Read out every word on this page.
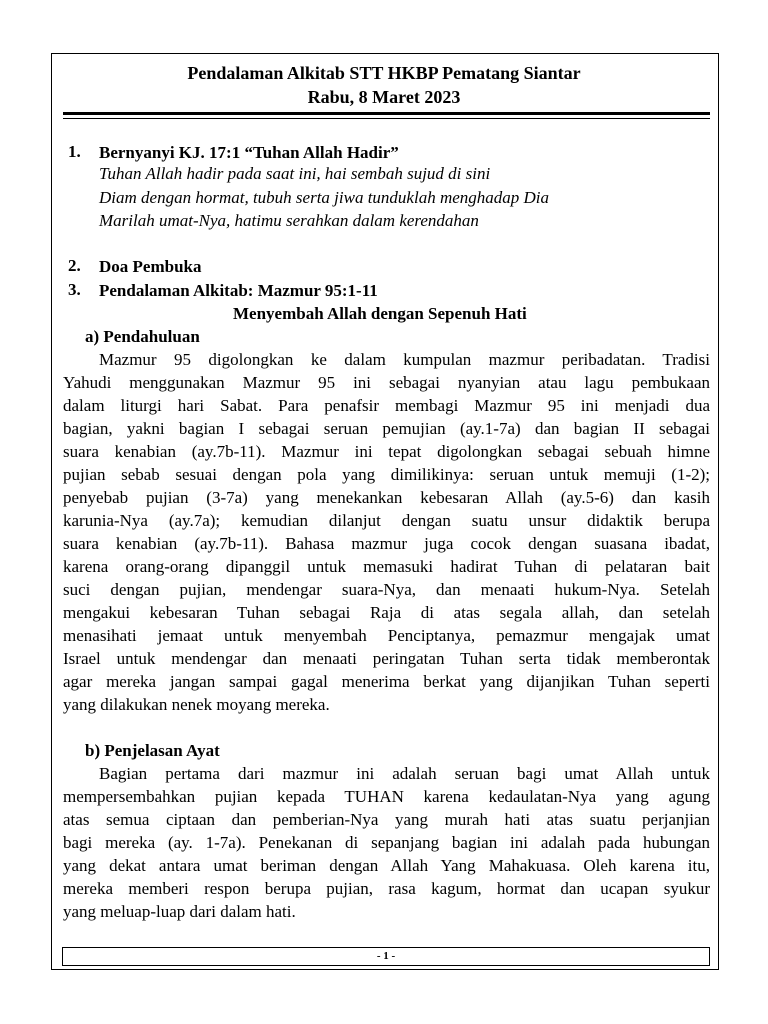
Pendalaman Alkitab STT HKBP Pematang Siantar
Rabu, 8 Maret 2023
1. Bernyanyi KJ. 17:1 “Tuhan Allah Hadir”
Tuhan Allah hadir pada saat ini, hai sembah sujud di sini
Diam dengan hormat, tubuh serta jiwa tunduklah menghadap Dia
Marilah umat-Nya, hatimu serahkan dalam kerendahan
2. Doa Pembuka
3. Pendalaman Alkitab: Mazmur 95:1-11
Menyembah Allah dengan Sepenuh Hati
a) Pendahuluan
Mazmur 95 digolongkan ke dalam kumpulan mazmur peribadatan. Tradisi
Yahudi menggunakan Mazmur 95 ini sebagai nyanyian atau lagu pembukaan
dalam liturgi hari Sabat. Para penafsir membagi Mazmur 95 ini menjadi dua
bagian, yakni bagian I sebagai seruan pemujian (ay.1-7a) dan bagian II sebagai
suara kenabian (ay.7b-11). Mazmur ini tepat digolongkan sebagai sebuah himne
pujian sebab sesuai dengan pola yang dimilikinya: seruan untuk memuji (1-2);
penyebab pujian (3-7a) yang menekankan kebesaran Allah (ay.5-6) dan kasih
karunia-Nya (ay.7a); kemudian dilanjut dengan suatu unsur didaktik berupa
suara kenabian (ay.7b-11). Bahasa mazmur juga cocok dengan suasana ibadat,
karena orang-orang dipanggil untuk memasuki hadirat Tuhan di pelataran bait
suci dengan pujian, mendengar suara-Nya, dan menaati hukum-Nya. Setelah
mengakui kebesaran Tuhan sebagai Raja di atas segala allah, dan setelah
menasihati jemaat untuk menyembah Penciptanya, pemazmur mengajak umat
Israel untuk mendengar dan menaati peringatan Tuhan serta tidak memberontak
agar mereka jangan sampai gagal menerima berkat yang dijanjikan Tuhan seperti
yang dilakukan nenek moyang mereka.
b) Penjelasan Ayat
Bagian pertama dari mazmur ini adalah seruan bagi umat Allah untuk
mempersembahkan pujian kepada TUHAN karena kedaulatan-Nya yang agung
atas semua ciptaan dan pemberian-Nya yang murah hati atas suatu perjanjian
bagi mereka (ay. 1-7a). Penekanan di sepanjang bagian ini adalah pada hubungan
yang dekat antara umat beriman dengan Allah Yang Mahakuasa. Oleh karena itu,
mereka memberi respon berupa pujian, rasa kagum, hormat dan ucapan syukur
yang meluap-luap dari dalam hati.
- 1 -
